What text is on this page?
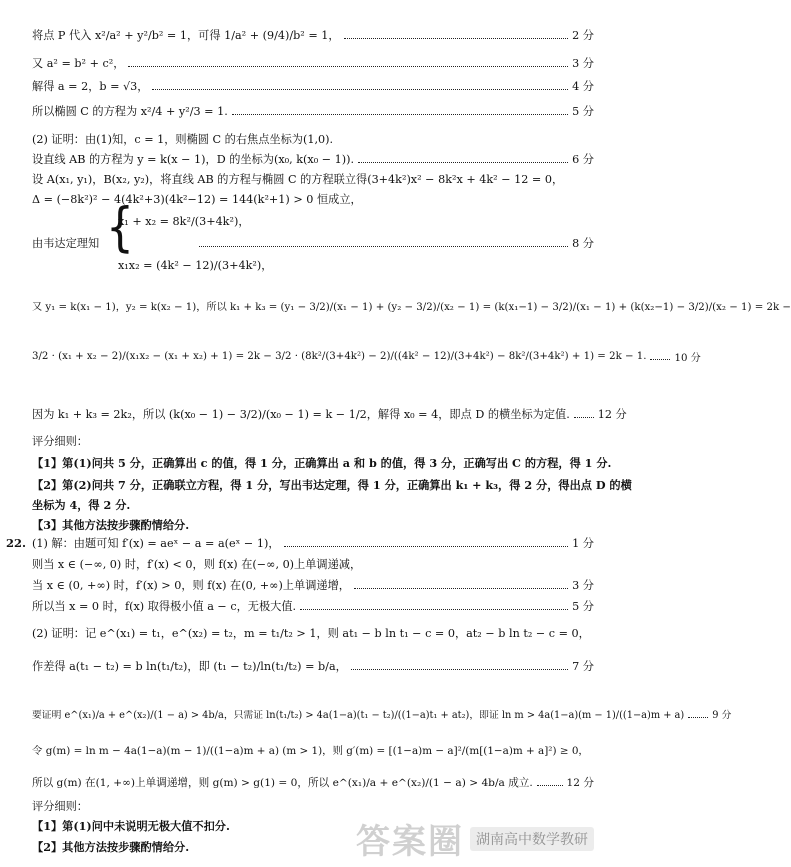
将点 P 代入 x²/a² + y²/b² = 1，可得 1/a² + (9/4)/b² = 1，	2 分
又 a² = b² + c²，	3 分
解得 a = 2，b = √3，	4 分
所以椭圆 C 的方程为 x²/4 + y²/3 = 1.	5 分
(2) 证明：由(1)知，c = 1，则椭圆 C 的右焦点坐标为(1,0).
设直线 AB 的方程为 y = k(x − 1)，D 的坐标为(x₀, k(x₀ − 1)).	6 分
设 A(x₁, y₁)，B(x₂, y₂)，将直线 AB 的方程与椭圆 C 的方程联立得(3+4k²)x² − 8k²x + 4k² − 12 = 0，
Δ = (−8k²)² − 4(4k²+3)(4k²−12) = 144(k²+1) > 0 恒成立，
x₁ + x₂ = 8k²/(3+4k²)，
由韦达定理知	8 分
x₁x₂ = (4k² − 12)/(3+4k²)，
{
又 y₁ = k(x₁ − 1)，y₂ = k(x₂ − 1)，所以 k₁ + k₃ = (y₁ − 3/2)/(x₁ − 1) + (y₂ − 3/2)/(x₂ − 1) = (k(x₁−1) − 3/2)/(x₁ − 1) + (k(x₂−1) − 3/2)/(x₂ − 1) = 2k −
3/2 · (x₁ + x₂ − 2)/(x₁x₂ − (x₁ + x₂) + 1) = 2k − 3/2 · (8k²/(3+4k²) − 2)/((4k² − 12)/(3+4k²) − 8k²/(3+4k²) + 1) = 2k − 1.	10 分
因为 k₁ + k₃ = 2k₂，所以 (k(x₀ − 1) − 3/2)/(x₀ − 1) = k − 1/2，解得 x₀ = 4，即点 D 的横坐标为定值.	12 分
评分细则：
【1】第(1)问共 5 分，正确算出 c 的值，得 1 分，正确算出 a 和 b 的值，得 3 分，正确写出 C 的方程，得 1 分.
【2】第(2)问共 7 分，正确联立方程，得 1 分，写出韦达定理，得 1 分，正确算出 k₁ + k₃，得 2 分，得出点 D 的横
坐标为 4，得 2 分.
【3】其他方法按步骤酌情给分.
22. (1) 解：由题可知 f′(x) = aeˣ − a = a(eˣ − 1)，	1 分
则当 x ∈ (−∞, 0) 时，f′(x) < 0，则 f(x) 在(−∞, 0)上单调递减，
当 x ∈ (0, +∞) 时，f′(x) > 0，则 f(x) 在(0, +∞)上单调递增，	3 分
所以当 x = 0 时，f(x) 取得极小值 a − c，无极大值.	5 分
(2) 证明：记 e^(x₁) = t₁，e^(x₂) = t₂，m = t₁/t₂ > 1，则 at₁ − b ln t₁ − c = 0，at₂ − b ln t₂ − c = 0，
作差得 a(t₁ − t₂) = b ln(t₁/t₂)，即 (t₁ − t₂)/ln(t₁/t₂) = b/a，	7 分
要证明 e^(x₁)/a + e^(x₂)/(1 − a) > 4b/a，只需证 ln(t₁/t₂) > 4a(1−a)(t₁ − t₂)/((1−a)t₁ + at₂)，即证 ln m > 4a(1−a)(m − 1)/((1−a)m + a)	9 分
令 g(m) = ln m − 4a(1−a)(m − 1)/((1−a)m + a) (m > 1)，则 g′(m) = [(1−a)m − a]²/(m[(1−a)m + a]²) ≥ 0，
所以 g(m) 在(1, +∞)上单调递增，则 g(m) > g(1) = 0，所以 e^(x₁)/a + e^(x₂)/(1 − a) > 4b/a 成立.	12 分
评分细则：
【1】第(1)问中未说明无极大值不扣分.
【2】其他方法按步骤酌情给分.	答案圈 湖南高中数学教研
